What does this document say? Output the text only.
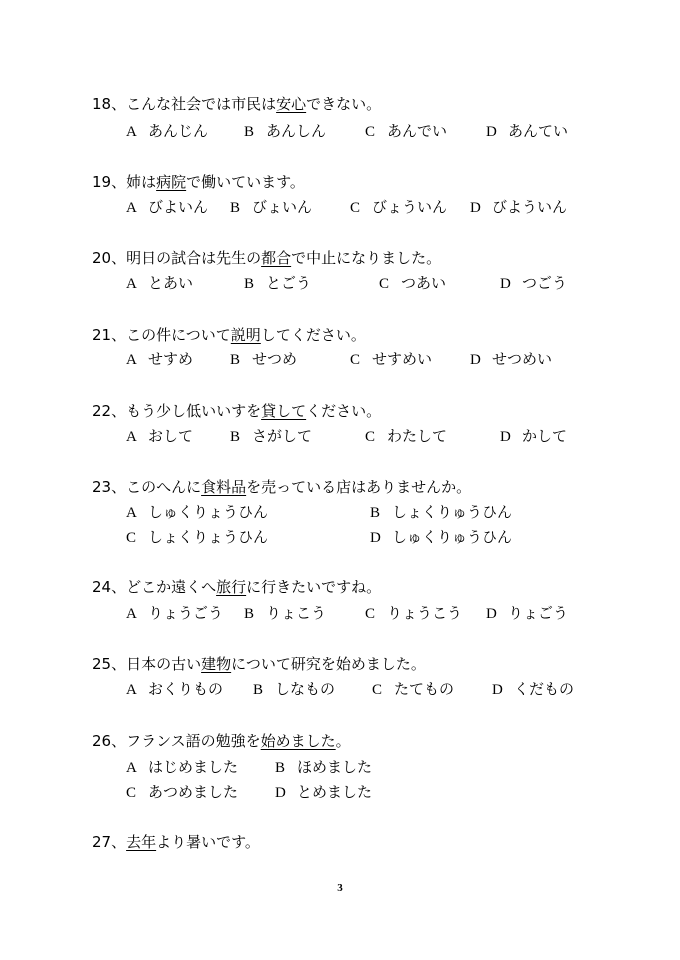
18、こんな社会では市民は安心できない。
A あんじん B あんしん	C あんでい	D あんてい
19、姉は病院で働いています。
A びよいん B びょいん	C びょういん D びよういん
20、明日の試合は先生の都合で中止になりました。
A とあい	B とごう	C つあい	D つごう
21、この件について説明してください。
A せすめ B せつめ	C せすめい	D せつめい
22、もう少し低いいすを貸してください。
A おして B さがして	C わたして	D かして
23、このへんに食料品を売っている店はありませんか。
A しゅくりょうひん	B しょくりゅうひん
C しょくりょうひん	D しゅくりゅうひん
24、どこか遠くへ旅行に行きたいですね。
A りょうごう B りょこう	C りょうこう D りょごう
25、日本の古い建物について研究を始めました。
A おくりもの B しなもの C たてもの	D くだもの
26、フランス語の勉強を始めました。
A はじめました B ほめました
C あつめました D とめました
27、去年より暑いです。
3
